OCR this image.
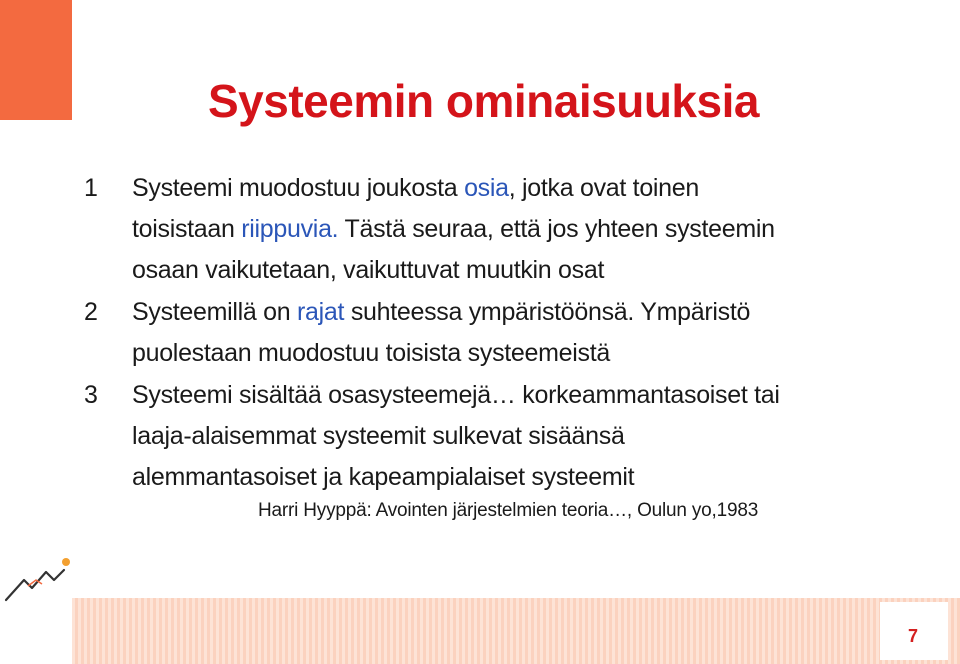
7
Systeemin ominaisuuksia
1	Systeemi muodostuu joukosta osia, jotka ovat toinen

toisistaan riippuvia. Tästä seuraa, että jos yhteen systeemin

osaan vaikutetaan, vaikuttuvat muutkin osat

2	Systeemillä on rajat suhteessa ympäristöönsä. Ympäristö

puolestaan muodostuu toisista systeemeistä

3	Systeemi sisältää osasysteemejä… korkeammantasoiset tai

laaja-alaisemmat systeemit sulkevat sisäänsä

alemmantasoiset ja kapeampialaiset systeemit

Harri Hyyppä: Avointen järjestelmien teoria…, Oulun yo,1983
